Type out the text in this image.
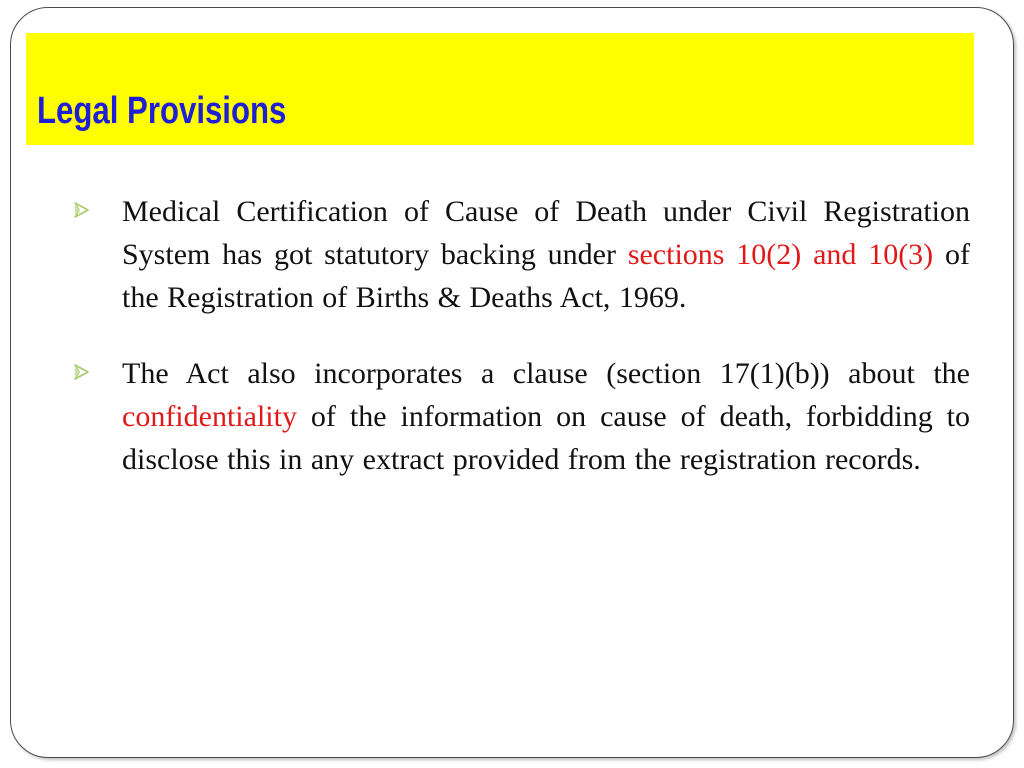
Legal Provisions
Medical Certification of Cause of Death under Civil Registration System has got statutory backing under sections 10(2) and 10(3) of the Registration of Births & Deaths Act, 1969.
The Act also incorporates a clause (section 17(1)(b)) about the confidentiality of the information on cause of death, forbidding to disclose this in any extract provided from the registration records.
